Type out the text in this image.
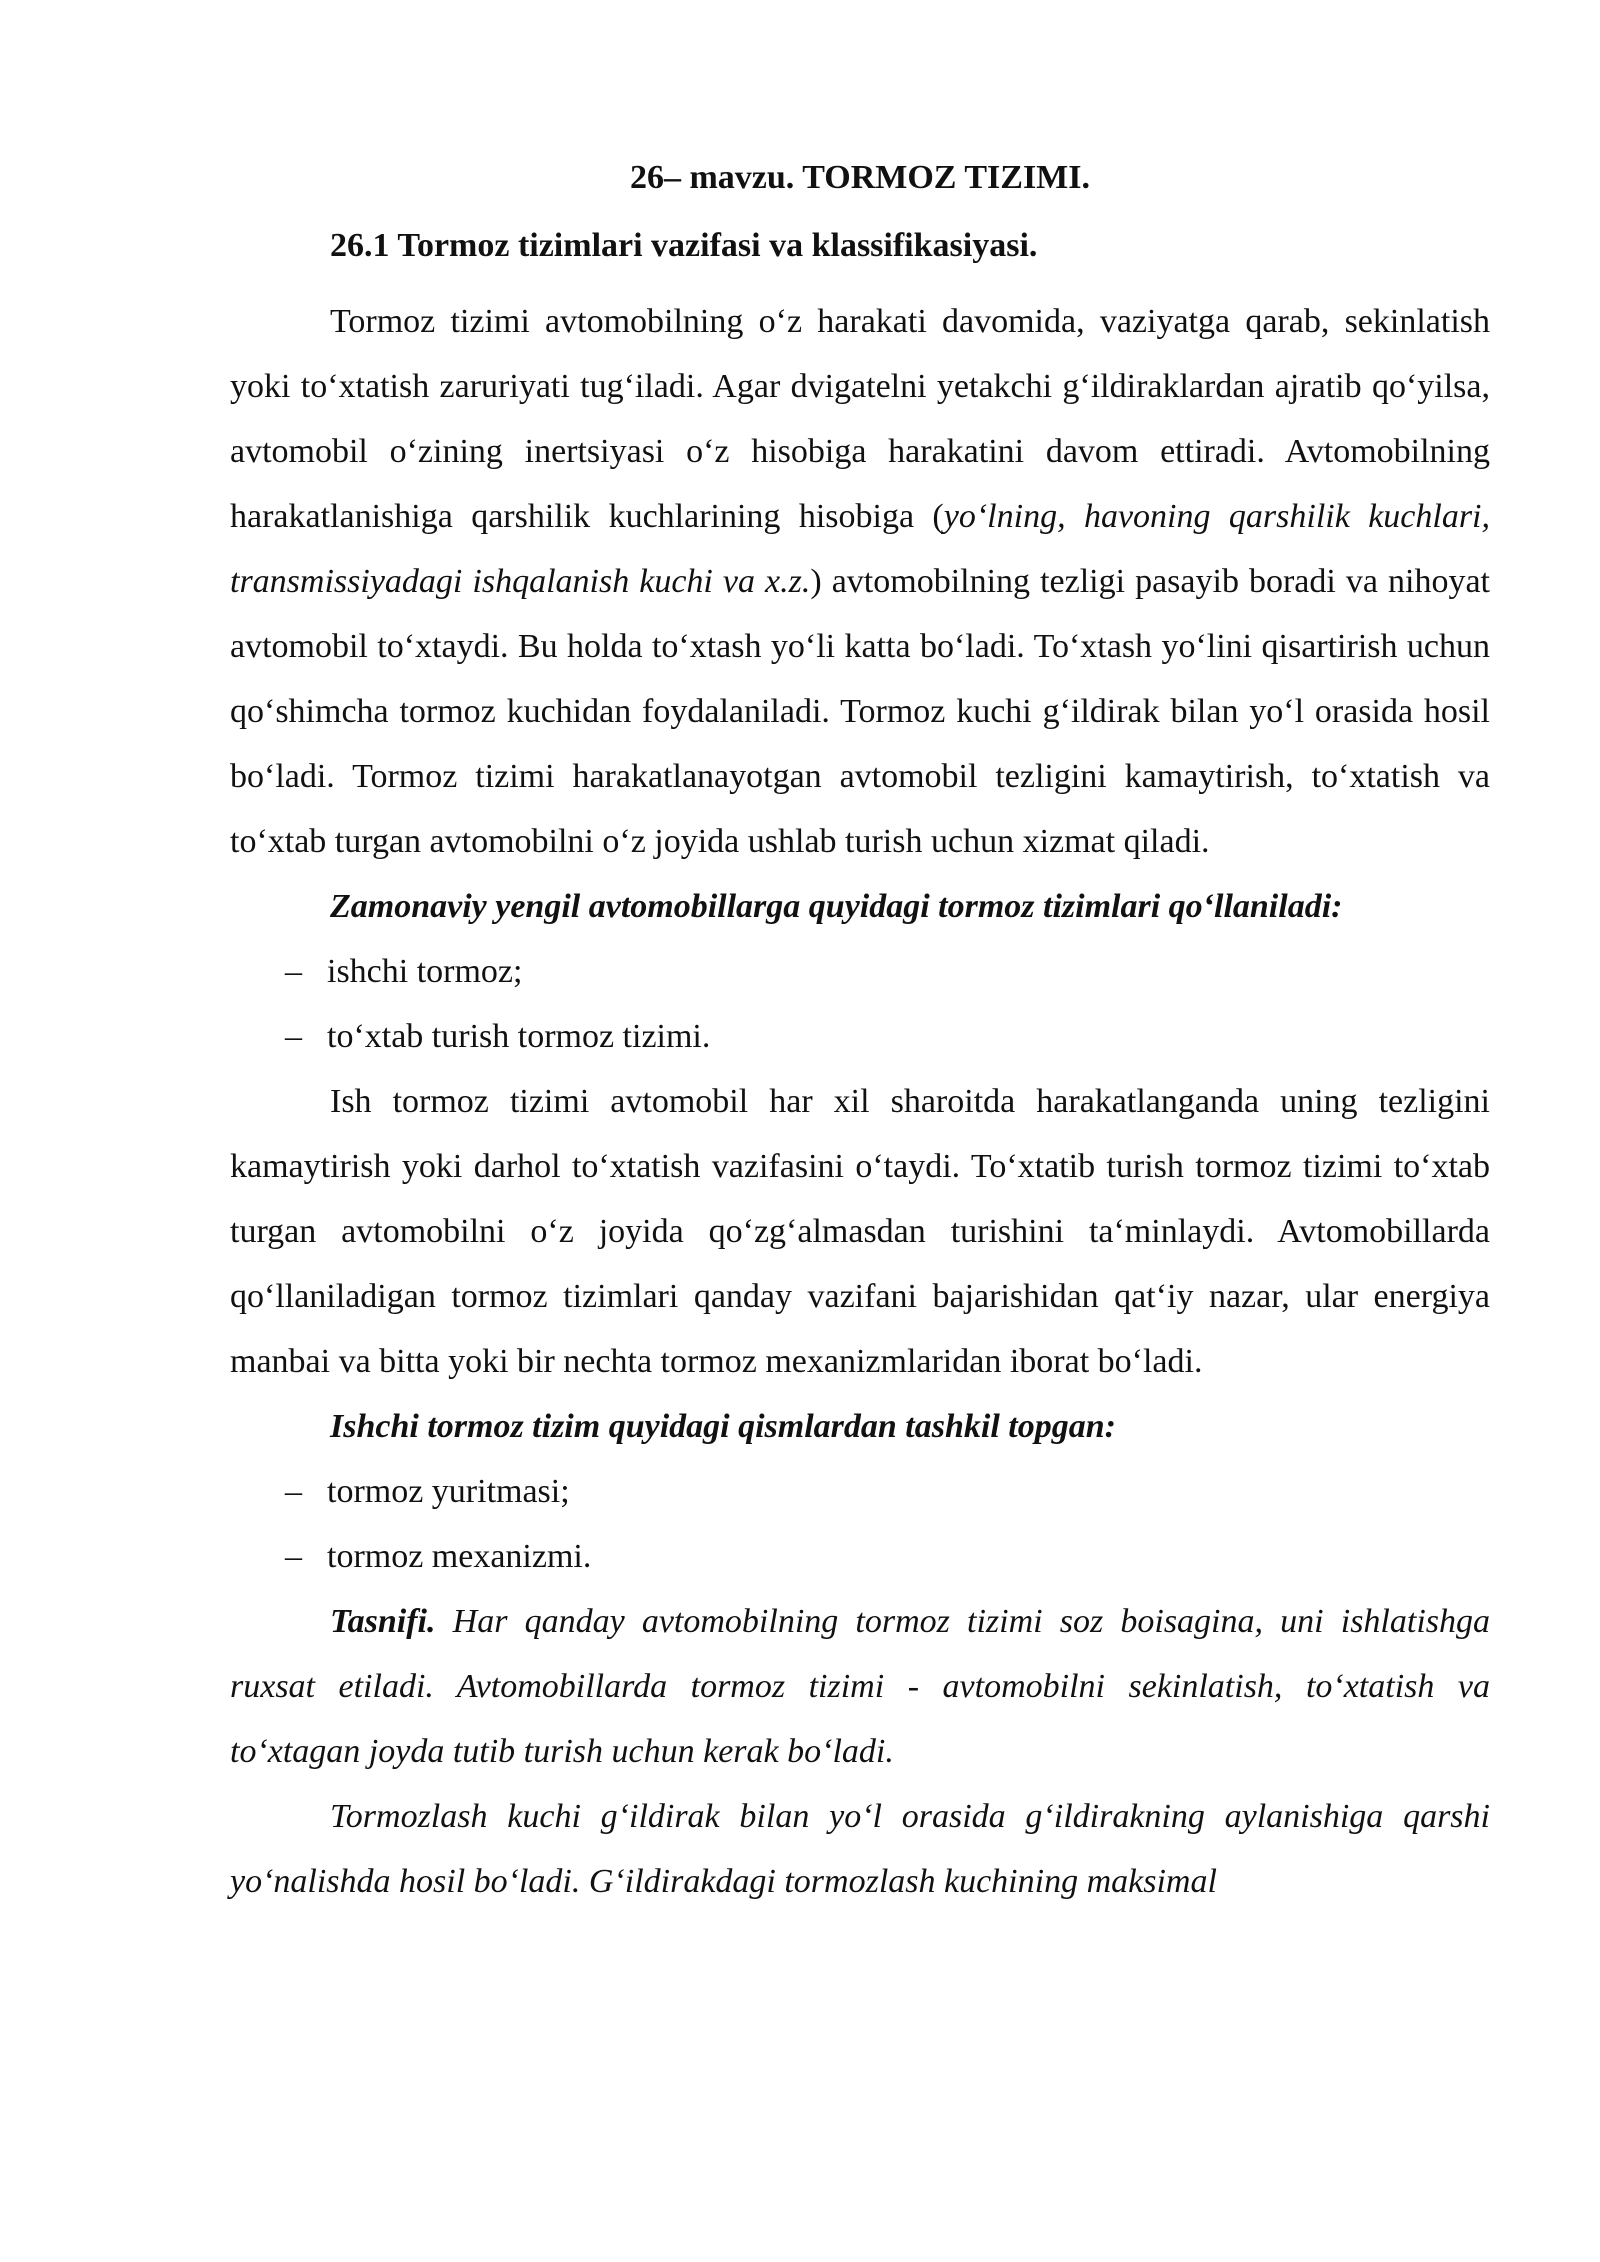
26– mavzu. TORMOZ TIZIMI.

26.1 Tormoz tizimlari vazifasi va klassifikasiyasi.

Tormoz tizimi avtomobilning o‘z harakati davomida, vaziyatga qarab, sekinlatish yoki to‘xtatish zaruriyati tug‘iladi. Agar dvigatelni yetakchi g‘ildiraklardan ajratib qo‘yilsa, avtomobil o‘zining inertsiyasi o‘z hisobiga harakatini davom ettiradi. Avtomobilning harakatlanishiga qarshilik kuchlarining hisobiga (yo‘lning, havoning qarshilik kuchlari, transmissiyadagi ishqalanish kuchi va x.z.) avtomobilning tezligi pasayib boradi va nihoyat avtomobil to‘xtaydi. Bu holda to‘xtash yo‘li katta bo‘ladi. To‘xtash yo‘lini qisartirish uchun qo‘shimcha tormoz kuchidan foydalaniladi. Tormoz kuchi g‘ildirak bilan yo‘l orasida hosil bo‘ladi. Tormoz tizimi harakatlanayotgan avtomobil tezligini kamaytirish, to‘xtatish va to‘xtab turgan avtomobilni o‘z joyida ushlab turish uchun xizmat qiladi.

Zamonaviy yengil avtomobillarga quyidagi tormoz tizimlari qo‘llaniladi:

– ishchi tormoz;
– to‘xtab turish tormoz tizimi.

Ish tormoz tizimi avtomobil har xil sharoitda harakatlanganda uning tezligini kamaytirish yoki darhol to‘xtatish vazifasini o‘taydi. To‘xtatib turish tormoz tizimi to‘xtab turgan avtomobilni o‘z joyida qo‘zg‘almasdan turishini ta‘minlaydi. Avtomobillarda qo‘llaniladigan tormoz tizimlari qanday vazifani bajarishidan qat‘iy nazar, ular energiya manbai va bitta yoki bir nechta tormoz mexanizmlaridan iborat bo‘ladi.

Ishchi tormoz tizim quyidagi qismlardan tashkil topgan:

– tormoz yuritmasi;
– tormoz mexanizmi.

Tasnifi. Har qanday avtomobilning tormoz tizimi soz boisagina, uni ishlatishga ruxsat etiladi. Avtomobillarda tormoz tizimi - avtomobilni sekinlatish, to‘xtatish va to‘xtagan joyda tutib turish uchun kerak bo‘ladi.

Tormozlash kuchi g‘ildirak bilan yo‘l orasida g‘ildirakning aylanishiga qarshi yo‘nalishda hosil bo‘ladi. G‘ildirakdagi tormozlash kuchining maksimal
